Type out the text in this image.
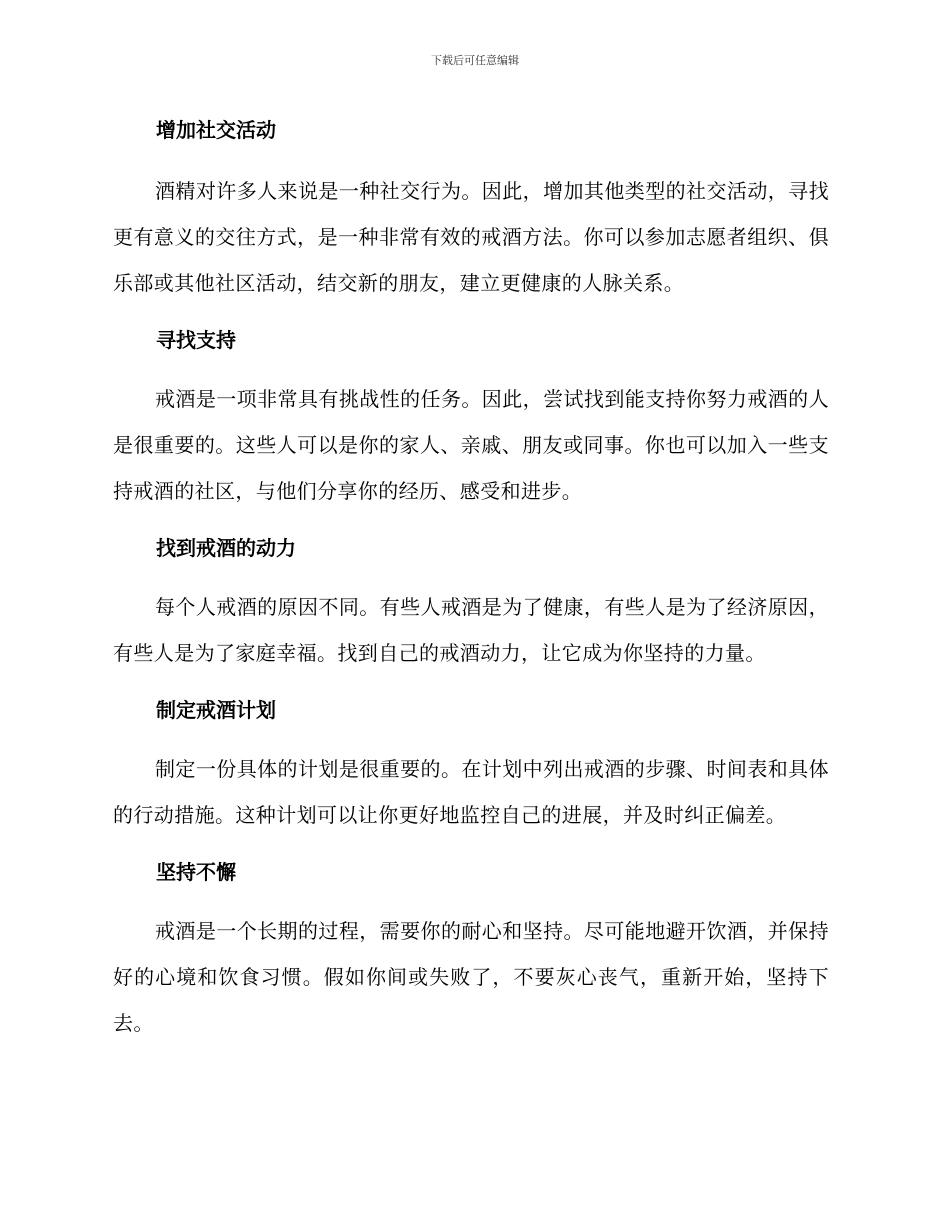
下载后可任意编辑
增加社交活动

酒精对许多人来说是一种社交行为。因此，增加其他类型的社交活动，寻找更有意义的交往方式，是一种非常有效的戒酒方法。你可以参加志愿者组织、俱乐部或其他社区活动，结交新的朋友，建立更健康的人脉关系。

寻找支持

戒酒是一项非常具有挑战性的任务。因此，尝试找到能支持你努力戒酒的人是很重要的。这些人可以是你的家人、亲戚、朋友或同事。你也可以加入一些支持戒酒的社区，与他们分享你的经历、感受和进步。

找到戒酒的动力

每个人戒酒的原因不同。有些人戒酒是为了健康，有些人是为了经济原因，有些人是为了家庭幸福。找到自己的戒酒动力，让它成为你坚持的力量。

制定戒酒计划

制定一份具体的计划是很重要的。在计划中列出戒酒的步骤、时间表和具体的行动措施。这种计划可以让你更好地监控自己的进展，并及时纠正偏差。

坚持不懈

戒酒是一个长期的过程，需要你的耐心和坚持。尽可能地避开饮酒，并保持好的心境和饮食习惯。假如你间或失败了，不要灰心丧气，重新开始，坚持下去。
